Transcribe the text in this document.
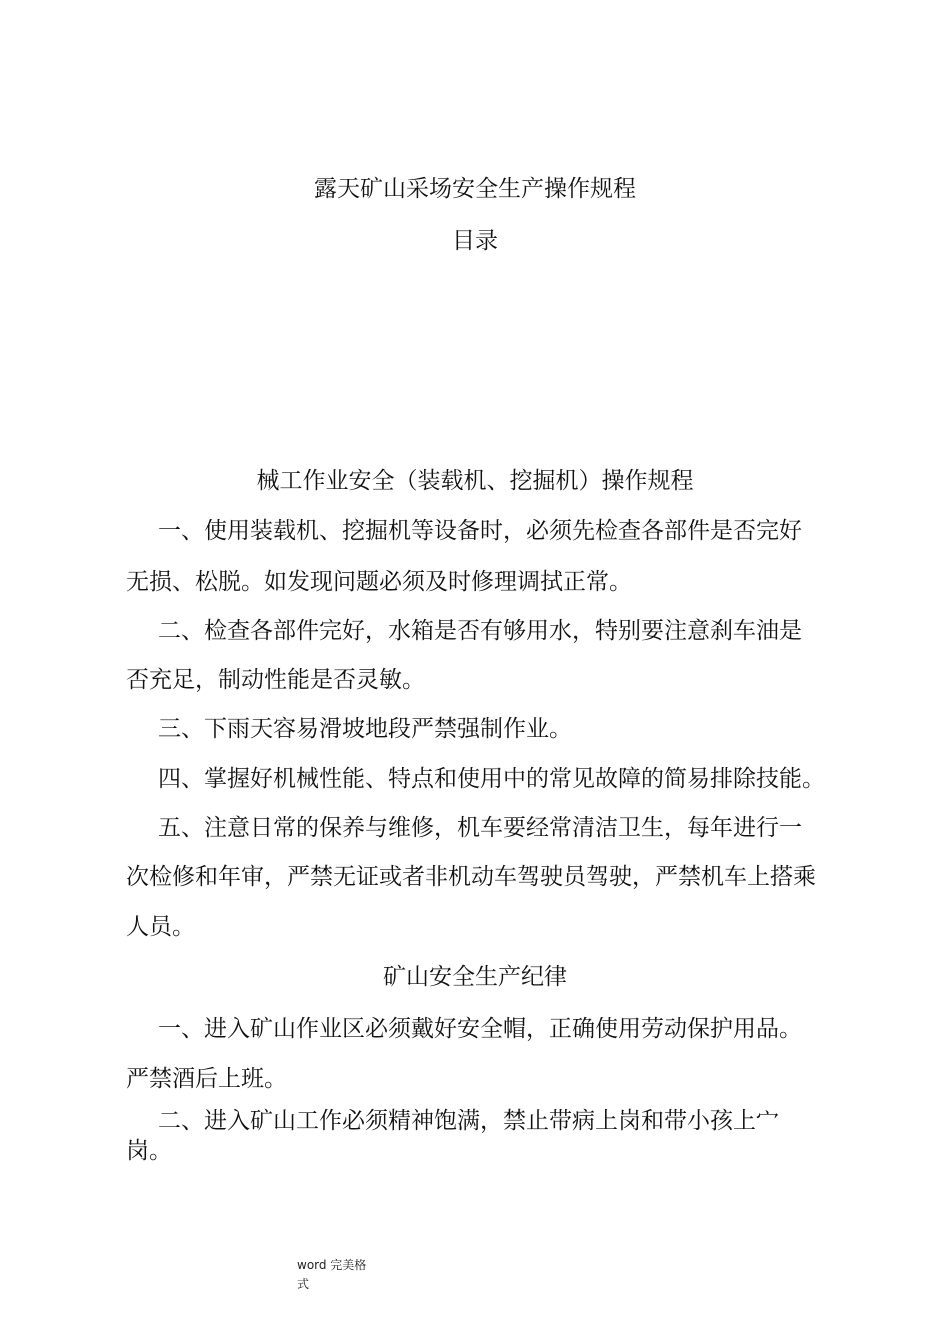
露天矿山采场安全生产操作规程
目录
械工作业安全（装载机、挖掘机）操作规程
一、使用装载机、挖掘机等设备时，必须先检查各部件是否完好
无损、松脱。如发现问题必须及时修理调拭正常。
二、检查各部件完好，水箱是否有够用水，特别要注意刹车油是
否充足，制动性能是否灵敏。
三、下雨天容易滑坡地段严禁强制作业。
四、掌握好机械性能、特点和使用中的常见故障的简易排除技能。
五、注意日常的保养与维修，机车要经常清洁卫生，每年进行一
次检修和年审，严禁无证或者非机动车驾驶员驾驶，严禁机车上搭乘
人员。
矿山安全生产纪律
一、进入矿山作业区必须戴好安全帽，正确使用劳动保护用品。
严禁酒后上班。
二、进入矿山工作必须精神饱满，禁止带病上岗和带小孩上宀
岗。
word 完美格
式
